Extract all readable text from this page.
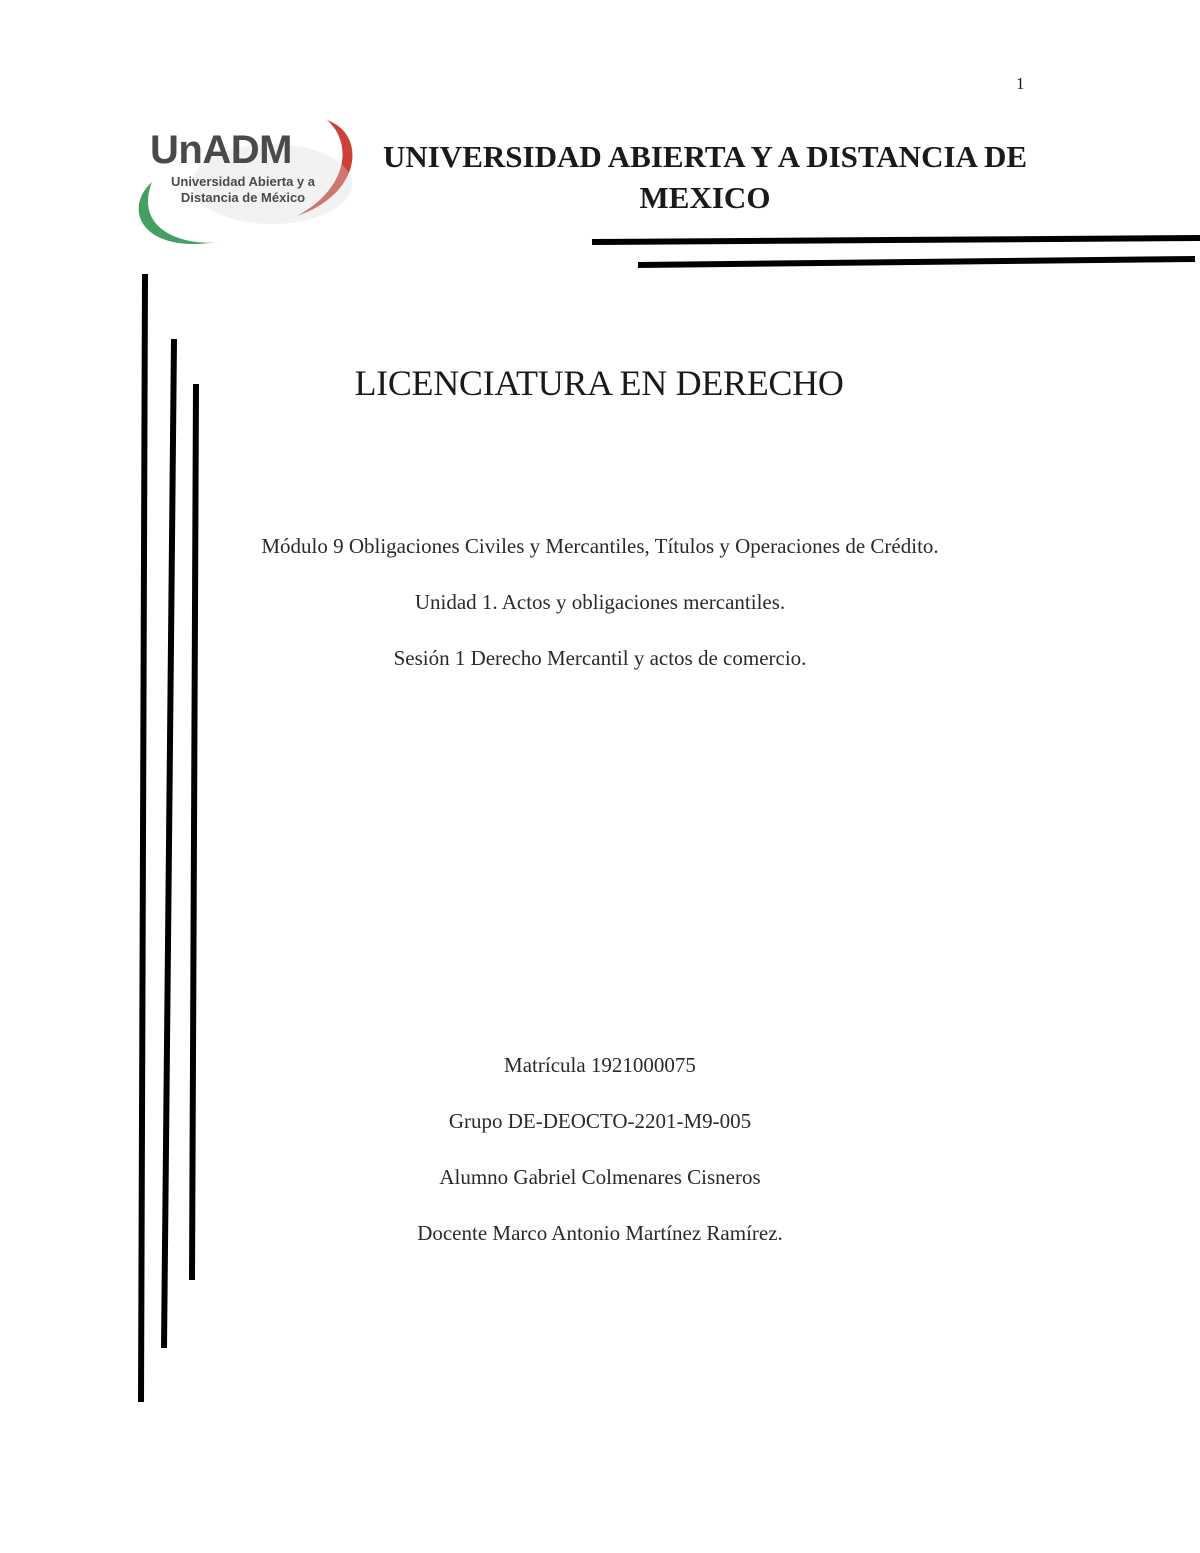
1
UnADM
Universidad Abierta y a
Distancia de México
UNIVERSIDAD ABIERTA Y A DISTANCIA DE
MEXICO
LICENCIATURA EN DERECHO
Módulo 9 Obligaciones Civiles y Mercantiles, Títulos y Operaciones de Crédito.
Unidad 1. Actos y obligaciones mercantiles.
Sesión 1 Derecho Mercantil y actos de comercio.
Matrícula 1921000075
Grupo DE-DEOCTO-2201-M9-005
Alumno Gabriel Colmenares Cisneros
Docente Marco Antonio Martínez Ramírez.
